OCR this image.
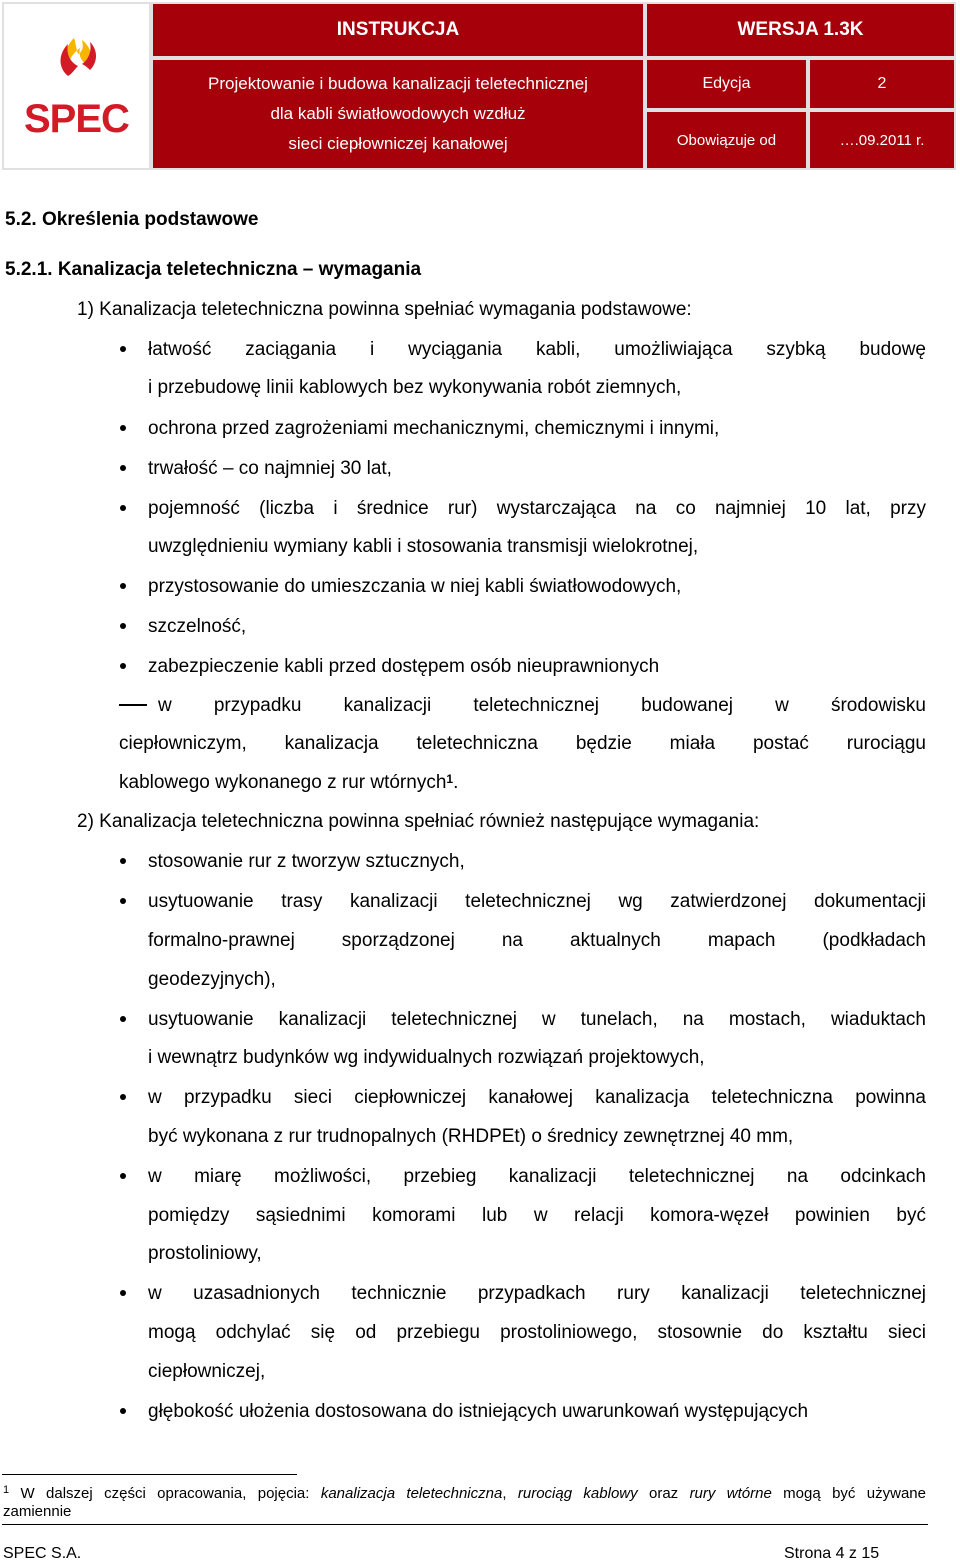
SPEC
INSTRUKCJA	WERSJA 1.3K
Projektowanie i budowa kanalizacji teletechnicznej
dla kabli światłowodowych wzdłuż
sieci ciepłowniczej kanałowej
Edycja	2
Obowiązuje od	….09.2011 r.
5.2. Określenia podstawowe
5.2.1. Kanalizacja teletechniczna – wymagania
1) Kanalizacja teletechniczna powinna spełniać wymagania podstawowe:
łatwość zaciągania i wyciągania kabli, umożliwiająca szybką budowę
i przebudowę linii kablowych bez wykonywania robót ziemnych,
ochrona przed zagrożeniami mechanicznymi, chemicznymi i innymi,
trwałość – co najmniej 30 lat,
pojemność (liczba i średnice rur) wystarczająca na co najmniej 10 lat, przy
uwzględnieniu wymiany kabli i stosowania transmisji wielokrotnej,
przystosowanie do umieszczania w niej kabli światłowodowych,
szczelność,
zabezpieczenie kabli przed dostępem osób nieuprawnionych
w przypadku kanalizacji teletechnicznej budowanej w środowisku
ciepłowniczym, kanalizacja teletechniczna będzie miała postać rurociągu
kablowego wykonanego z rur wtórnych$^1$.
2) Kanalizacja teletechniczna powinna spełniać również następujące wymagania:
stosowanie rur z tworzyw sztucznych,
usytuowanie trasy kanalizacji teletechnicznej wg zatwierdzonej dokumentacji
formalno-prawnej sporządzonej na aktualnych mapach (podkładach
geodezyjnych),
usytuowanie kanalizacji teletechnicznej w tunelach, na mostach, wiaduktach
i wewnątrz budynków wg indywidualnych rozwiązań projektowych,
w przypadku sieci ciepłowniczej kanałowej kanalizacja teletechniczna powinna
być wykonana z rur trudnopalnych (RHDPEt) o średnicy zewnętrznej 40 mm,
w miarę możliwości, przebieg kanalizacji teletechnicznej na odcinkach
pomiędzy sąsiednimi komorami lub w relacji komora-węzeł powinien być
prostoliniowy,
w uzasadnionych technicznie przypadkach rury kanalizacji teletechnicznej
mogą odchylać się od przebiegu prostoliniowego, stosownie do kształtu sieci
ciepłowniczej,
głębokość ułożenia dostosowana do istniejących uwarunkowań występujących
$^1$ W dalszej części opracowania, pojęcia: kanalizacja teletechniczna, rurociąg kablowy oraz rury wtórne mogą być używane
zamiennie
SPEC S.A.	Strona 4 z 15
